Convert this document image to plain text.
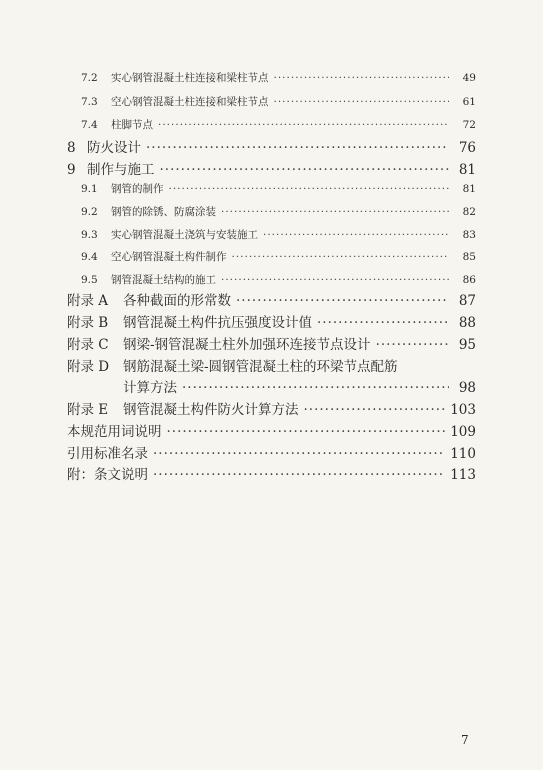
7.2	实心钢管混凝土柱连接和梁柱节点 ·····	49
7.3	空心钢管混凝土柱连接和梁柱节点 ·····	61
7.4	柱脚节点 ·····	72
8 防火设计 ·····	76
9 制作与施工 ·····	81
9.1	钢管的制作 ·····	81
9.2	钢管的除锈、防腐涂装 ·····	82
9.3	实心钢管混凝土浇筑与安装施工 ·····	83
9.4	空心钢管混凝土构件制作 ·····	85
9.5	钢管混凝土结构的施工 ·····	86
附录 A	各种截面的形常数 ·····	87
附录 B	钢管混凝土构件抗压强度设计值 ·····	88
附录 C	钢梁-钢管混凝土柱外加强环连接节点设计 ·····	95
附录 D	钢筋混凝土梁-圆钢管混凝土柱的环梁节点配筋
计算方法 ·····	98
附录 E	钢管混凝土构件防火计算方法 ·····	103
本规范用词说明 ·····	109
引用标准名录 ·····	110
附：条文说明 ·····	113
7
